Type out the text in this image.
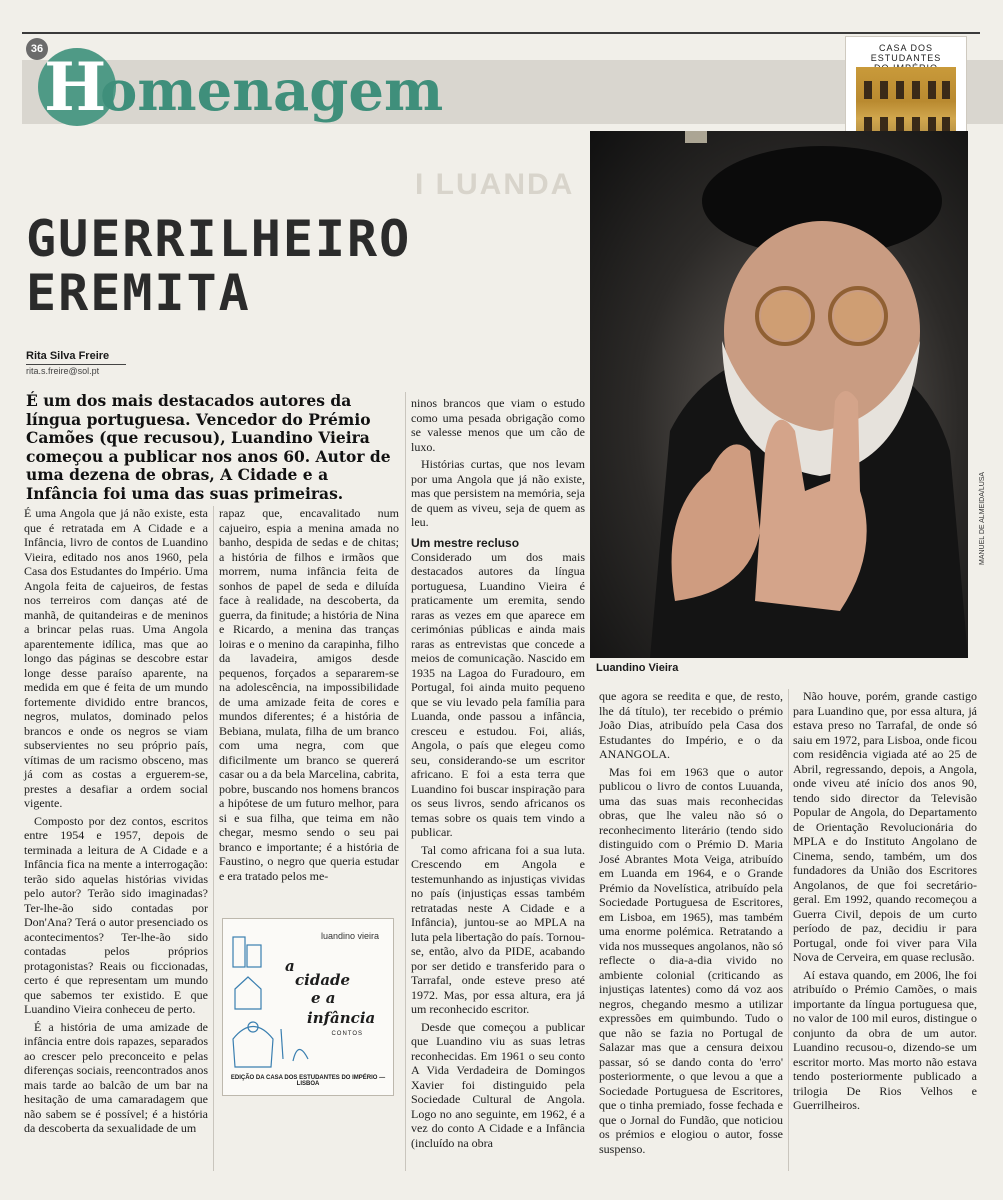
36 H
omenagem
CASA DOS ESTUDANTES
I LUANDA
GUERRILHEIRO
EREMITA
Rita Silva Freire
rita.s.freire@sol.pt
É um dos mais destacados autores da língua portuguesa. Vencedor do Prémio Camões (que recusou), Luandino Vieira começou a publicar nos anos 60. Autor de uma dezena de obras, A Cidade e a Infância foi uma das suas primeiras.	MANUEL DE ALMEIDA/LUSA
Luandino Vieira

É uma Angola que já não existe, esta que é retratada em A Cidade e a Infância, livro de contos de Luandino Vieira, editado nos anos 1960, pela Casa dos Estudantes do Império. Uma Angola feita de cajueiros, de festas nos terreiros com danças até de manhã, de quitandeiras e de meninos a brincar pelas ruas. Uma Angola aparentemente idílica, mas que ao longo das páginas se descobre estar longe desse paraíso aparente, na medida em que é feita de um mundo fortemente dividido entre brancos, negros, mulatos, dominado pelos brancos e onde os negros se viam subservientes no seu próprio país, vítimas de um racismo obsceno, mas já com as costas a erguerem-se, prestes a desafiar a ordem social vigente.

Composto por dez contos, escritos entre 1954 e 1957, depois de terminada a leitura de A Cidade e a Infância fica na mente a interrogação: terão sido aquelas histórias vividas pelo autor? Terão sido imaginadas? Ter-lhe-ão sido contadas por Don'Ana? Terá o autor presenciado os acontecimentos? Ter-lhe-ão sido contadas pelos próprios protagonistas? Reais ou ficcionadas, certo é que representam um mundo que sabemos ter existido. E que Luandino Vieira conheceu de perto.

É a história de uma amizade de infância entre dois rapazes, separados ao crescer pelo preconceito e pelas diferenças sociais, reencontrados anos mais tarde ao balcão de um bar na hesitação de uma camaradagem que não sabem se é possível; é a história da descoberta da sexualidade de um

rapaz que, encavalitado num cajueiro, espia a menina amada no banho, despida de sedas e de chitas; a história de filhos e irmãos que morrem, numa infância feita de sonhos de papel de seda e diluída face à realidade, na descoberta, da guerra, da finitude; a história de Nina e Ricardo, a menina das tranças loiras e o menino da carapinha, filho da lavadeira, amigos desde pequenos, forçados a separarem-se na adolescência, na impossibilidade de uma amizade feita de cores e mundos diferentes; é a história de Bebiana, mulata, filha de um branco com uma negra, com que dificilmente um branco se quererá casar ou a da bela Marcelina, cabrita, pobre, buscando nos homens brancos a hipótese de um futuro melhor, para si e sua filha, que teima em não chegar, mesmo sendo o seu pai branco e importante; é a história de Faustino, o negro que queria estudar e era tratado pelos me-

luandino vieira
a
cidade
e a
infância
CONTOS
EDIÇÃO DA CASA DOS ESTUDANTES DO IMPÉRIO — LISBOA

ninos brancos que viam o estudo como uma pesada obrigação como se valesse menos que um cão de luxo.

Histórias curtas, que nos levam por uma Angola que já não existe, mas que persistem na memória, seja de quem as viveu, seja de quem as leu.

Um mestre recluso

Considerado um dos mais destacados autores da língua portuguesa, Luandino Vieira é praticamente um eremita, sendo raras as vezes em que aparece em cerimónias públicas e ainda mais raras as entrevistas que concede a meios de comunicação. Nascido em 1935 na Lagoa do Furadouro, em Portugal, foi ainda muito pequeno que se viu levado pela família para Luanda, onde passou a infância, cresceu e estudou. Foi, aliás, Angola, o país que elegeu como seu, considerando-se um escritor africano. E foi a esta terra que Luandino foi buscar inspiração para os seus livros, sendo africanos os temas sobre os quais tem vindo a publicar.

Tal como africana foi a sua luta. Crescendo em Angola e testemunhando as injustiças vividas no país (injustiças essas também retratadas neste A Cidade e a Infância), juntou-se ao MPLA na luta pela libertação do país. Tornou-se, então, alvo da PIDE, acabando por ser detido e transferido para o Tarrafal, onde esteve preso até 1972. Mas, por essa altura, era já um reconhecido escritor.

Desde que começou a publicar que Luandino viu as suas letras reconhecidas. Em 1961 o seu conto A Vida Verdadeira de Domingos Xavier foi distinguido pela Sociedade Cultural de Angola. Logo no ano seguinte, em 1962, é a vez do conto A Cidade e a Infância (incluído na obra

que agora se reedita e que, de resto, lhe dá título), ter recebido o prémio João Dias, atribuído pela Casa dos Estudantes do Império, e o da ANANGOLA.

Mas foi em 1963 que o autor publicou o livro de contos Luuanda, uma das suas mais reconhecidas obras, que lhe valeu não só o reconhecimento literário (tendo sido distinguido com o Prémio D. Maria José Abrantes Mota Veiga, atribuído em Luanda em 1964, e o Grande Prémio da Novelística, atribuído pela Sociedade Portuguesa de Escritores, em Lisboa, em 1965), mas também uma enorme polémica. Retratando a vida nos musseques angolanos, não só reflecte o dia-a-dia vivido no ambiente colonial (criticando as injustiças latentes) como dá voz aos negros, chegando mesmo a utilizar expressões em quimbundo. Tudo o que não se fazia no Portugal de Salazar mas que a censura deixou passar, só se dando conta do 'erro' posteriormente, o que levou a que a Sociedade Portuguesa de Escritores, que o tinha premiado, fosse fechada e que o Jornal do Fundão, que noticiou os prémios e elogiou o autor, fosse suspenso.

Não houve, porém, grande castigo para Luandino que, por essa altura, já estava preso no Tarrafal, de onde só saiu em 1972, para Lisboa, onde ficou com residência vigiada até ao 25 de Abril, regressando, depois, a Angola, onde viveu até início dos anos 90, tendo sido director da Televisão Popular de Angola, do Departamento de Orientação Revolucionária do MPLA e do Instituto Angolano de Cinema, sendo, também, um dos fundadores da União dos Escritores Angolanos, de que foi secretário-geral. Em 1992, quando recomeçou a Guerra Civil, depois de um curto período de paz, decidiu ir para Portugal, onde foi viver para Vila Nova de Cerveira, em quase reclusão.

Aí estava quando, em 2006, lhe foi atribuído o Prémio Camões, o mais importante da língua portuguesa que, no valor de 100 mil euros, distingue o conjunto da obra de um autor. Luandino recusou-o, dizendo-se um escritor morto. Mas morto não estava tendo posteriormente publicado a trilogia De Rios Velhos e Guerrilheiros.
